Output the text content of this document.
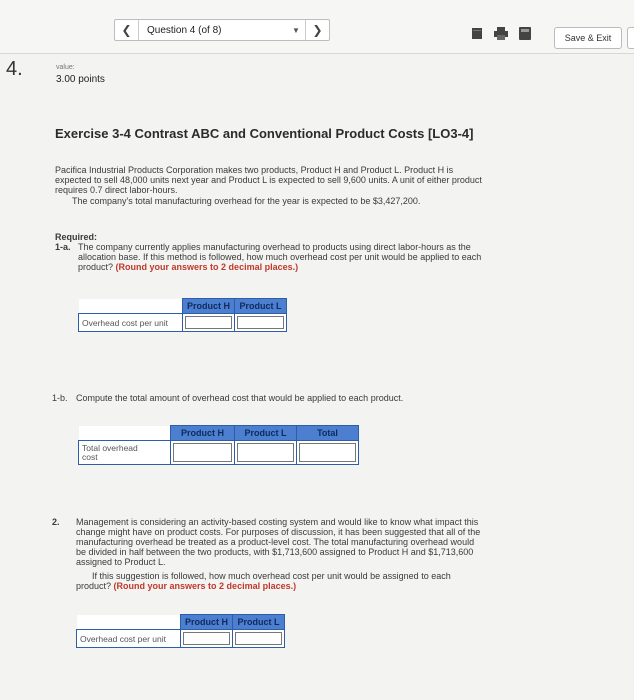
❮	Question 4 (of 8)	▼	❯
Save & Exit
4.	value:
3.00 points
Exercise 3-4 Contrast ABC and Conventional Product Costs [LO3-4]
Pacifica Industrial Products Corporation makes two products, Product H and Product L. Product H is
expected to sell 48,000 units next year and Product L is expected to sell 9,600 units. A unit of either product
requires 0.7 direct labor-hours.
The company's total manufacturing overhead for the year is expected to be $3,427,200.
Required:
1-a. The company currently applies manufacturing overhead to products using direct labor-hours as the
allocation base. If this method is followed, how much overhead cost per unit would be applied to each
product? (Round your answers to 2 decimal places.)
	Product H	Product L
Overhead cost per unit	

1-b. Compute the total amount of overhead cost that would be applied to each product.
	Product H	Product L	Total
Total overhead
cost	

2. Management is considering an activity-based costing system and would like to know what impact this
change might have on product costs. For purposes of discussion, it has been suggested that all of the
manufacturing overhead be treated as a product-level cost. The total manufacturing overhead would
be divided in half between the two products, with $1,713,600 assigned to Product H and $1,713,600
assigned to Product L.
If this suggestion is followed, how much overhead cost per unit would be assigned to each
product? (Round your answers to 2 decimal places.)
	Product H	Product L
Overhead cost per unit	
